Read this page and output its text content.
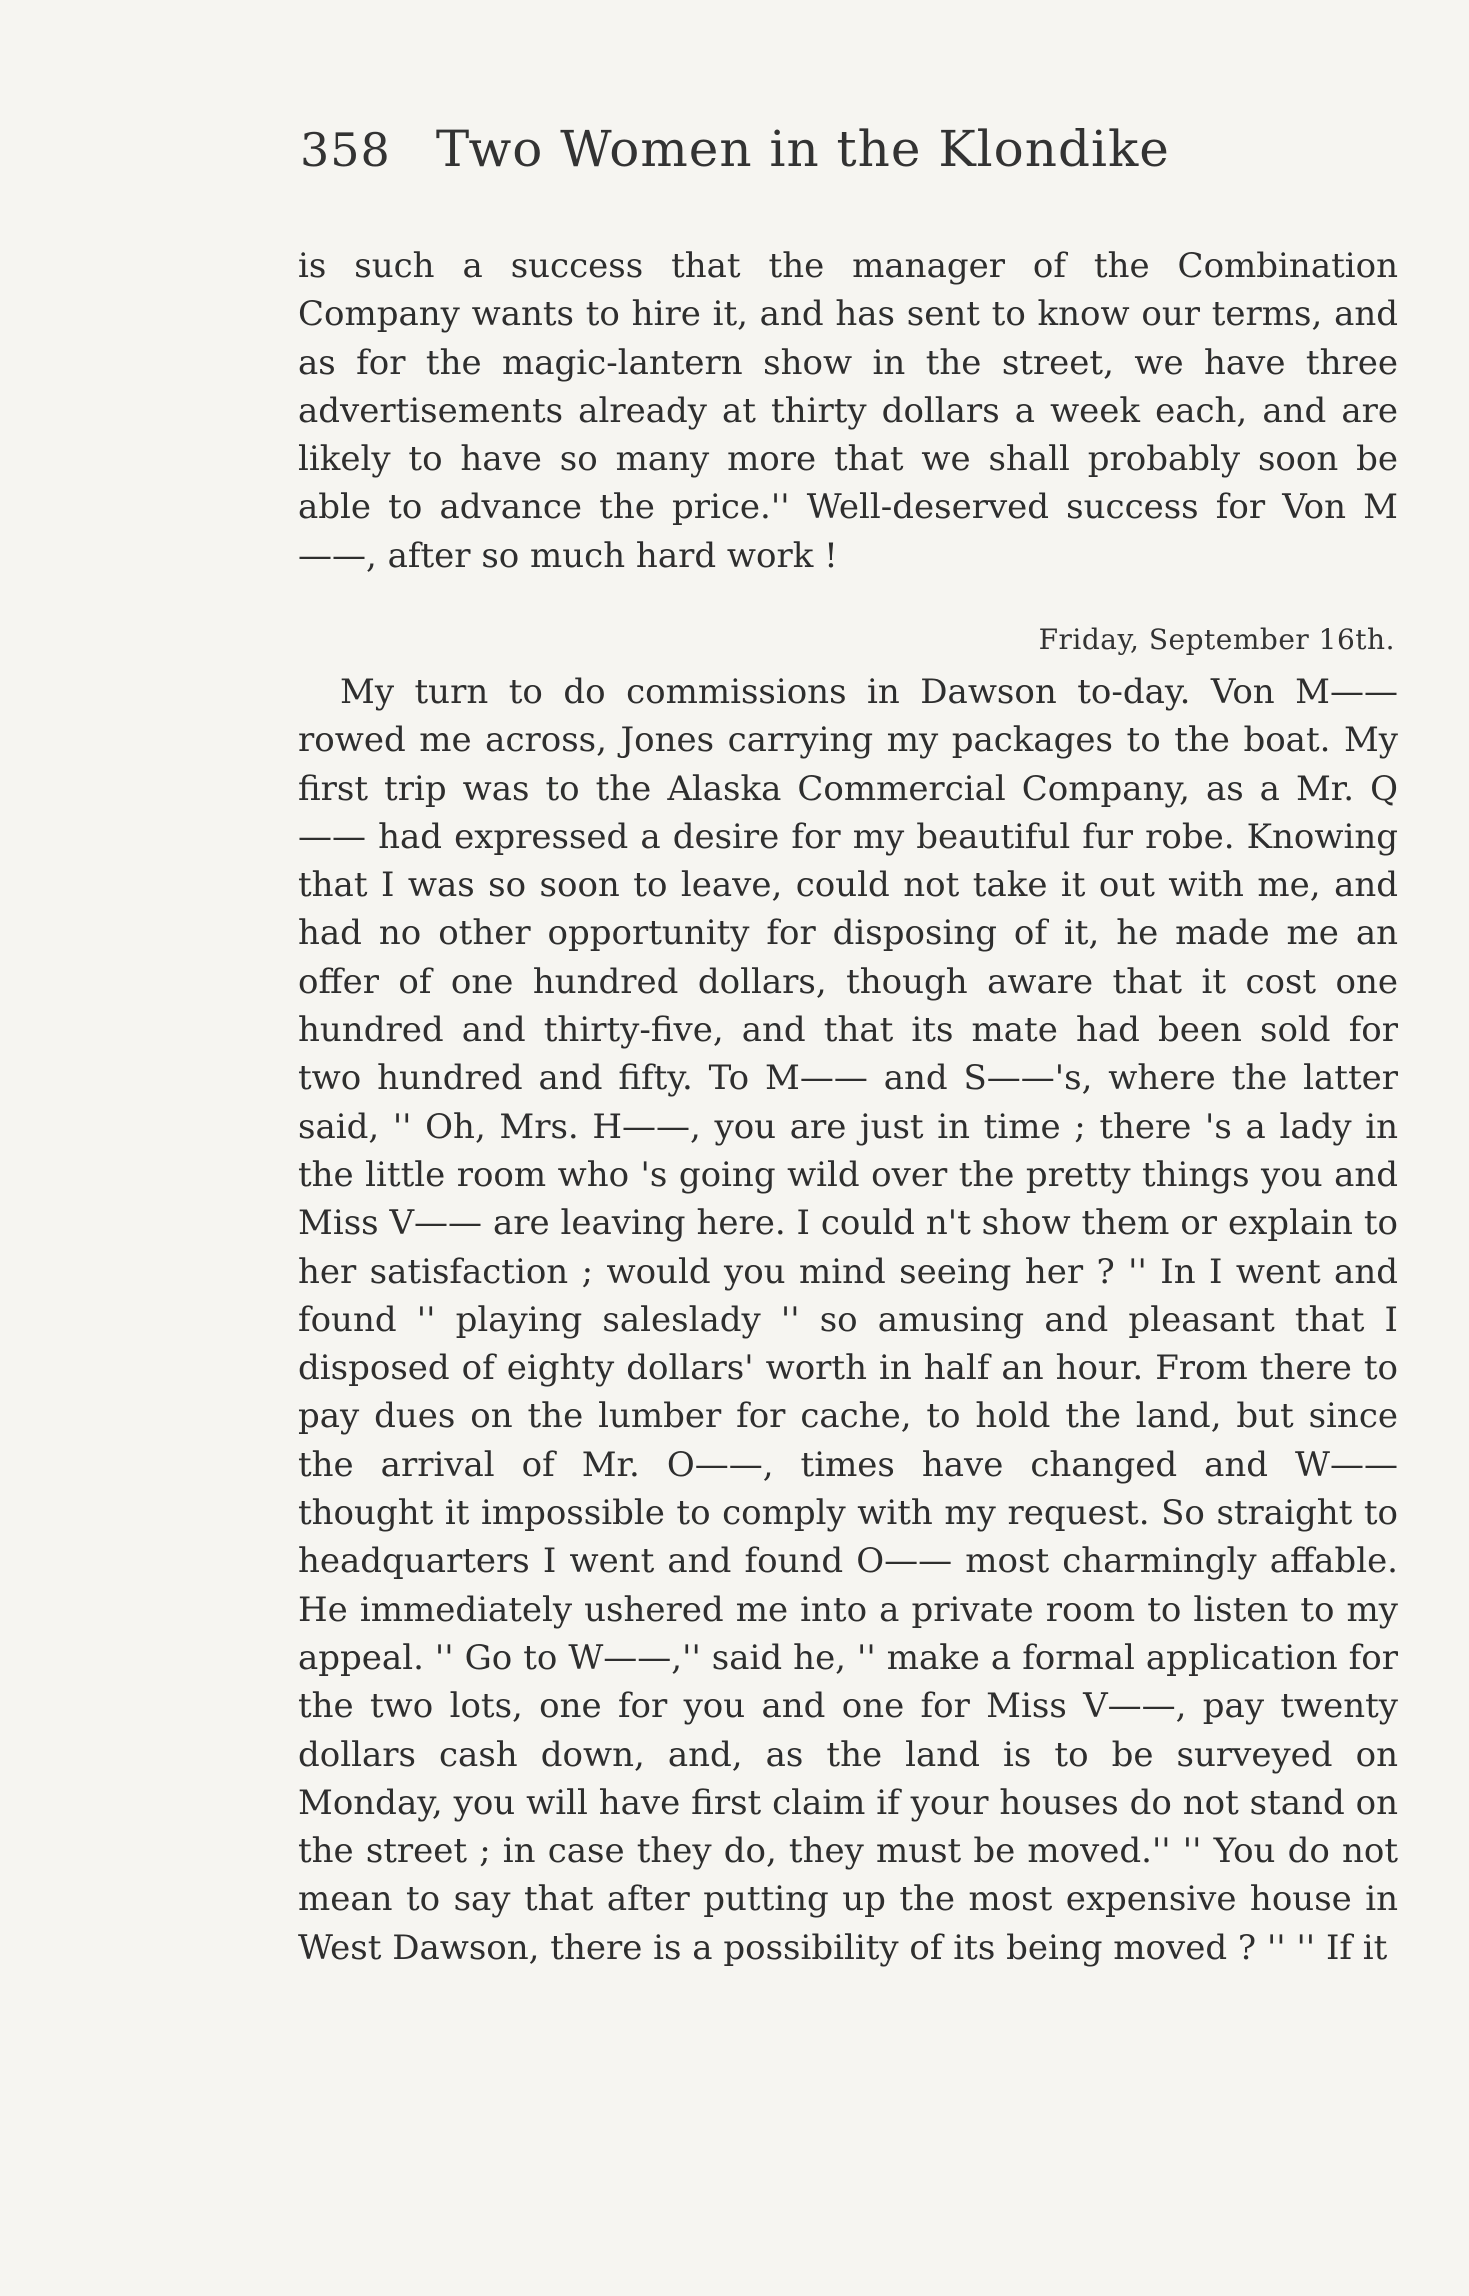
358 Two Women in the Klondike
is such a success that the manager of the Combination Company wants to hire it, and has sent to know our terms, and as for the magic-lantern show in the street, we have three advertisements already at thirty dollars a week each, and are likely to have so many more that we shall probably soon be able to advance the price.'' Well-deserved success for Von M——, after so much hard work !
Friday, September 16th.
My turn to do commissions in Dawson to-day. Von M—— rowed me across, Jones carrying my packages to the boat. My first trip was to the Alaska Commercial Company, as a Mr. Q—— had expressed a desire for my beautiful fur robe. Knowing that I was so soon to leave, could not take it out with me, and had no other opportunity for disposing of it, he made me an offer of one hundred dollars, though aware that it cost one hundred and thirty-five, and that its mate had been sold for two hundred and fifty. To M—— and S——'s, where the latter said, '' Oh, Mrs. H——, you are just in time ; there 's a lady in the little room who 's going wild over the pretty things you and Miss V—— are leaving here. I could n't show them or explain to her satisfaction ; would you mind seeing her ? '' In I went and found '' playing saleslady '' so amusing and pleasant that I disposed of eighty dollars' worth in half an hour. From there to pay dues on the lumber for cache, to hold the land, but since the arrival of Mr. O——, times have changed and W—— thought it impossible to comply with my request. So straight to headquarters I went and found O—— most charmingly affable. He immediately ushered me into a private room to listen to my appeal. '' Go to W——,'' said he, '' make a formal application for the two lots, one for you and one for Miss V——, pay twenty dollars cash down, and, as the land is to be surveyed on Monday, you will have first claim if your houses do not stand on the street ; in case they do, they must be moved.'' '' You do not mean to say that after putting up the most expensive house in West Dawson, there is a possibility of its being moved ? '' '' If it
